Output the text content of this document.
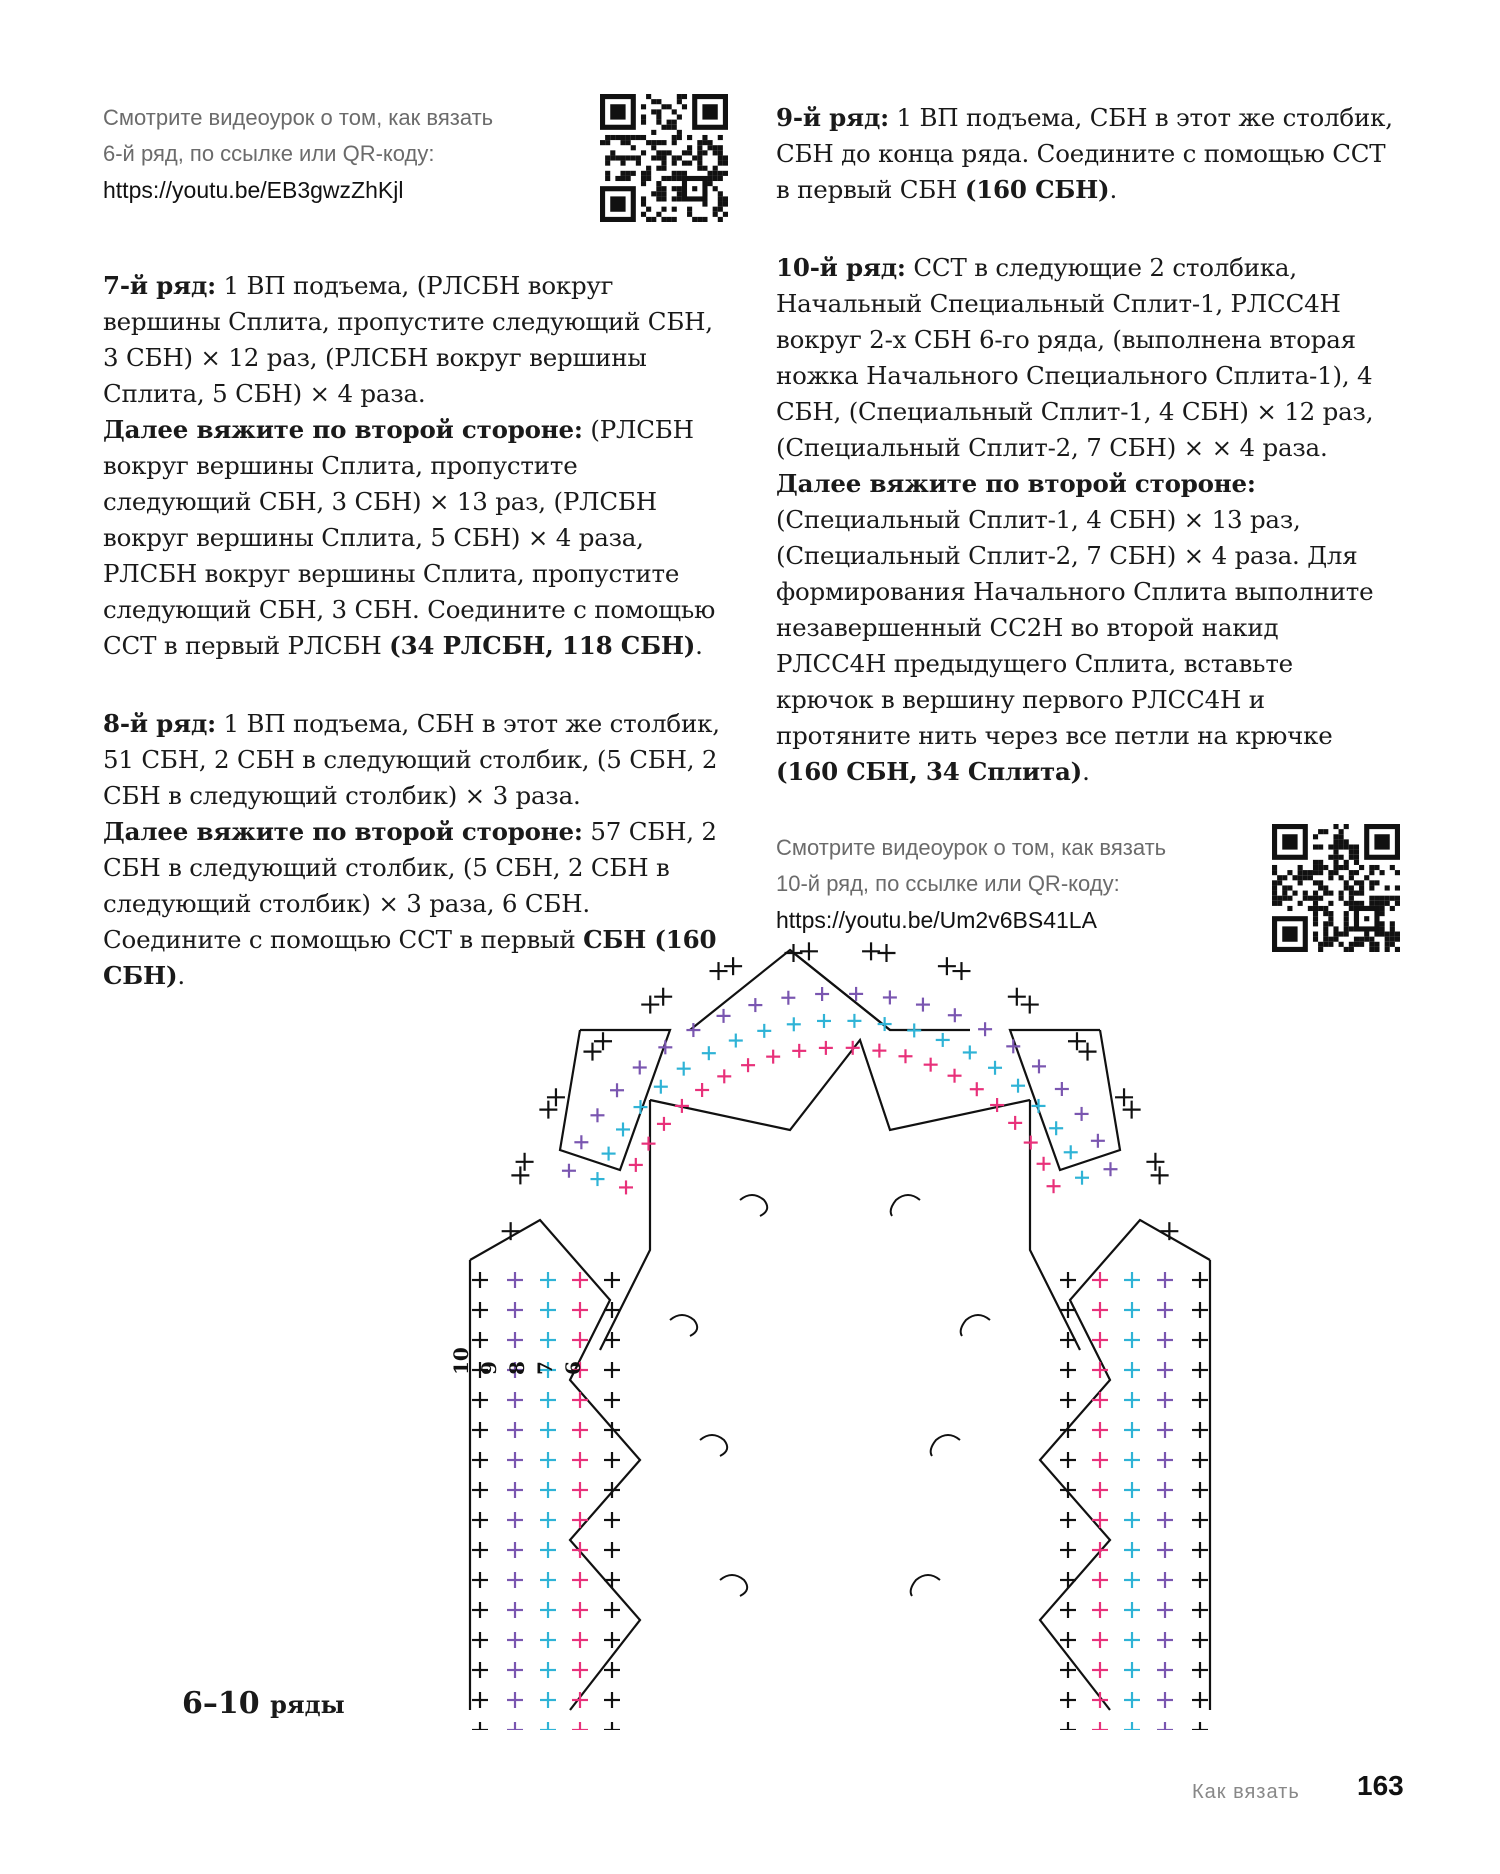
Смотрите видеоурок о том, как вязать
6-й ряд, по ссылке или QR-коду:
https://youtu.be/EB3gwzZhKjl

7-й ряд: 1 ВП подъема, (РЛСБН вокруг вершины Сплита, пропустите следующий СБН, 3 СБН) × 12 раз, (РЛСБН вокруг вершины Сплита, 5 СБН) × 4 раза.

Далее вяжите по второй стороне: (РЛСБН вокруг вершины Сплита, пропустите следующий СБН, 3 СБН) × 13 раз, (РЛСБН вокруг вершины Сплита, 5 СБН) × 4 раза, РЛСБН вокруг вершины Сплита, пропустите следующий СБН, 3 СБН. Соедините с помощью ССТ в первый РЛСБН (34 РЛСБН, 118 СБН).

8-й ряд: 1 ВП подъема, СБН в этот же столбик, 51 СБН, 2 СБН в следующий столбик, (5 СБН, 2 СБН в следующий столбик) × 3 раза.

Далее вяжите по второй стороне: 57 СБН, 2 СБН в следующий столбик, (5 СБН, 2 СБН в следующий столбик) × 3 раза, 6 СБН. Соедините с помощью ССТ в первый СБН (160 СБН).

9-й ряд: 1 ВП подъема, СБН в этот же столбик, СБН до конца ряда. Соедините с помощью ССТ в первый СБН (160 СБН).

10-й ряд: ССТ в следующие 2 столбика, Начальный Специальный Сплит-1, РЛСС4Н вокруг 2-х СБН 6-го ряда, (выполнена вторая ножка Начального Специального Сплита-1), 4 СБН, (Специальный Сплит-1, 4 СБН) × 12 раз, (Специальный Сплит-2, 7 СБН) × × 4 раза.

Далее вяжите по второй стороне: (Специальный Сплит-1, 4 СБН) × 13 раз, (Специальный Сплит-2, 7 СБН) × 4 раза. Для формирования Начального Сплита выполните незавершенный СС2Н во второй накид РЛСС4Н предыдущего Сплита, вставьте крючок в вершину первого РЛСС4Н и протяните нить через все петли на крючке (160 СБН, 34 Сплита).

Смотрите видеоурок о том, как вязать
10-й ряд, по ссылке или QR-коду:
https://youtu.be/Um2v6BS41LA
10 9 8 7 6
6–10 ряды
Как вязать 163
